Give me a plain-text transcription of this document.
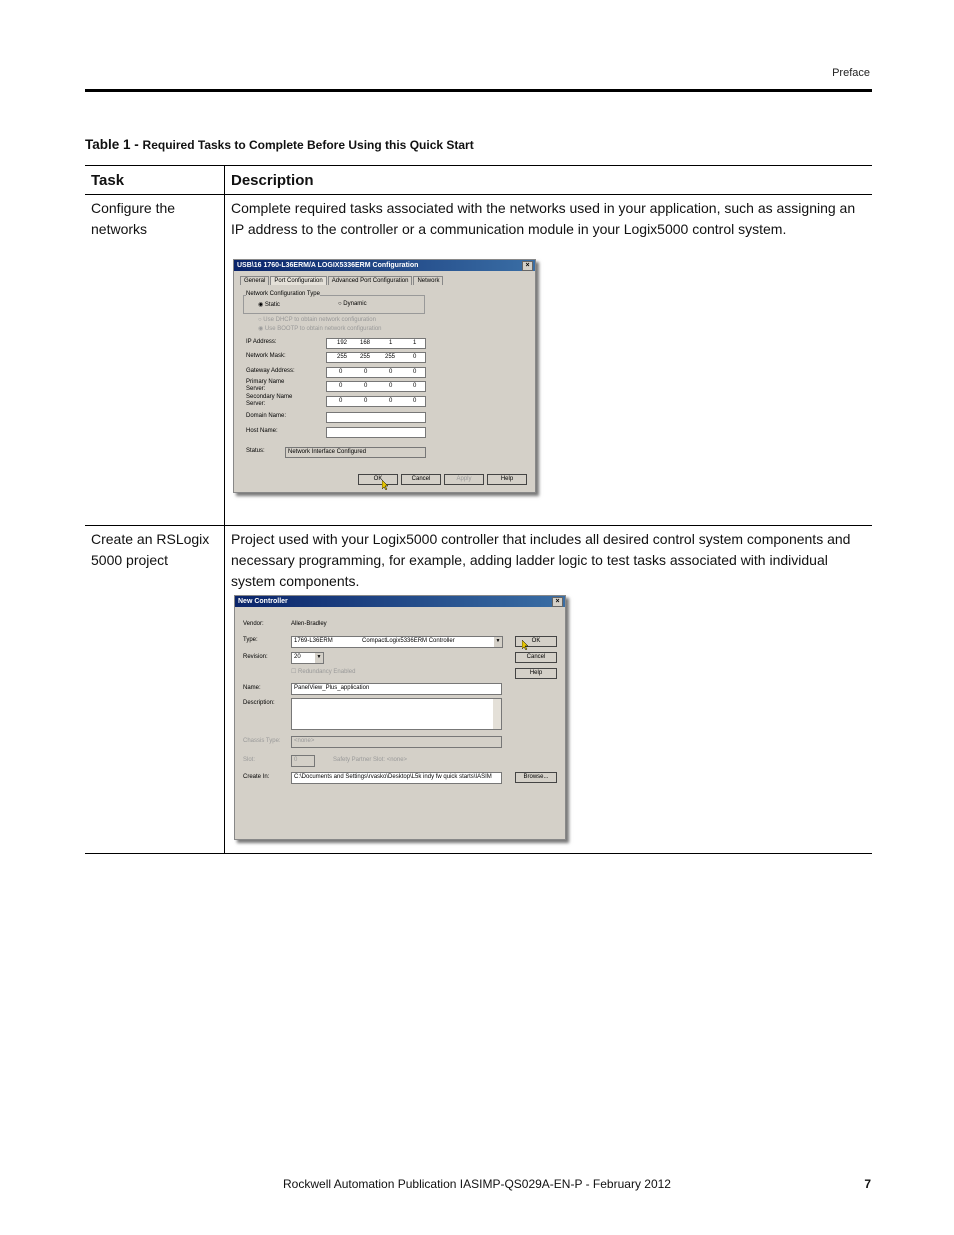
Preface
Table 1 - Required Tasks to Complete Before Using this Quick Start
Task	Description
Configure the networks	Complete required tasks associated with the networks used in your application, such as assigning an IP address to the controller or a communication module in your Logix5000 control system.
Create an RSLogix 5000 project	Project used with your Logix5000 controller that includes all desired control system components and necessary programming, for example, adding ladder logic to test tasks associated with individual system components.
USB\16 1760-L36ERM/A LOGIX5336ERM Configuration	×
General	Port Configuration	Advanced Port Configuration	Network
Network Configuration Type
◉ Static	○ Dynamic
○ Use DHCP to obtain network configuration
◉ Use BOOTP to obtain network configuration
IP Address:	192 168	1	1
Network Mask:	255 255 255	0
Gateway Address:	0	0	0	0
Primary Name Server:	0	0	0	0
Secondary Name Server:	0	0	0	0
Domain Name:
Host Name:
Status:	Network Interface Configured
OK	Cancel	Apply	Help
New Controller	×
Vendor:	Allen-Bradley
Type:	1769-L36ERM	CompactLogix5336ERM Controller	▼
Revision:	20	▼
☐ Redundancy Enabled
Name:	PanelView_Plus_application
Description:
Chassis Type:	<none>
Slot:	0	Safety Partner Slot: <none>
Create In:	C:\Documents and Settings\rvasko\Desktop\L5k indy fw quick starts\IASIM
OK
Cancel
Help
Browse...
Rockwell Automation Publication IASIMP-QS029A-EN-P - February 2012	7
